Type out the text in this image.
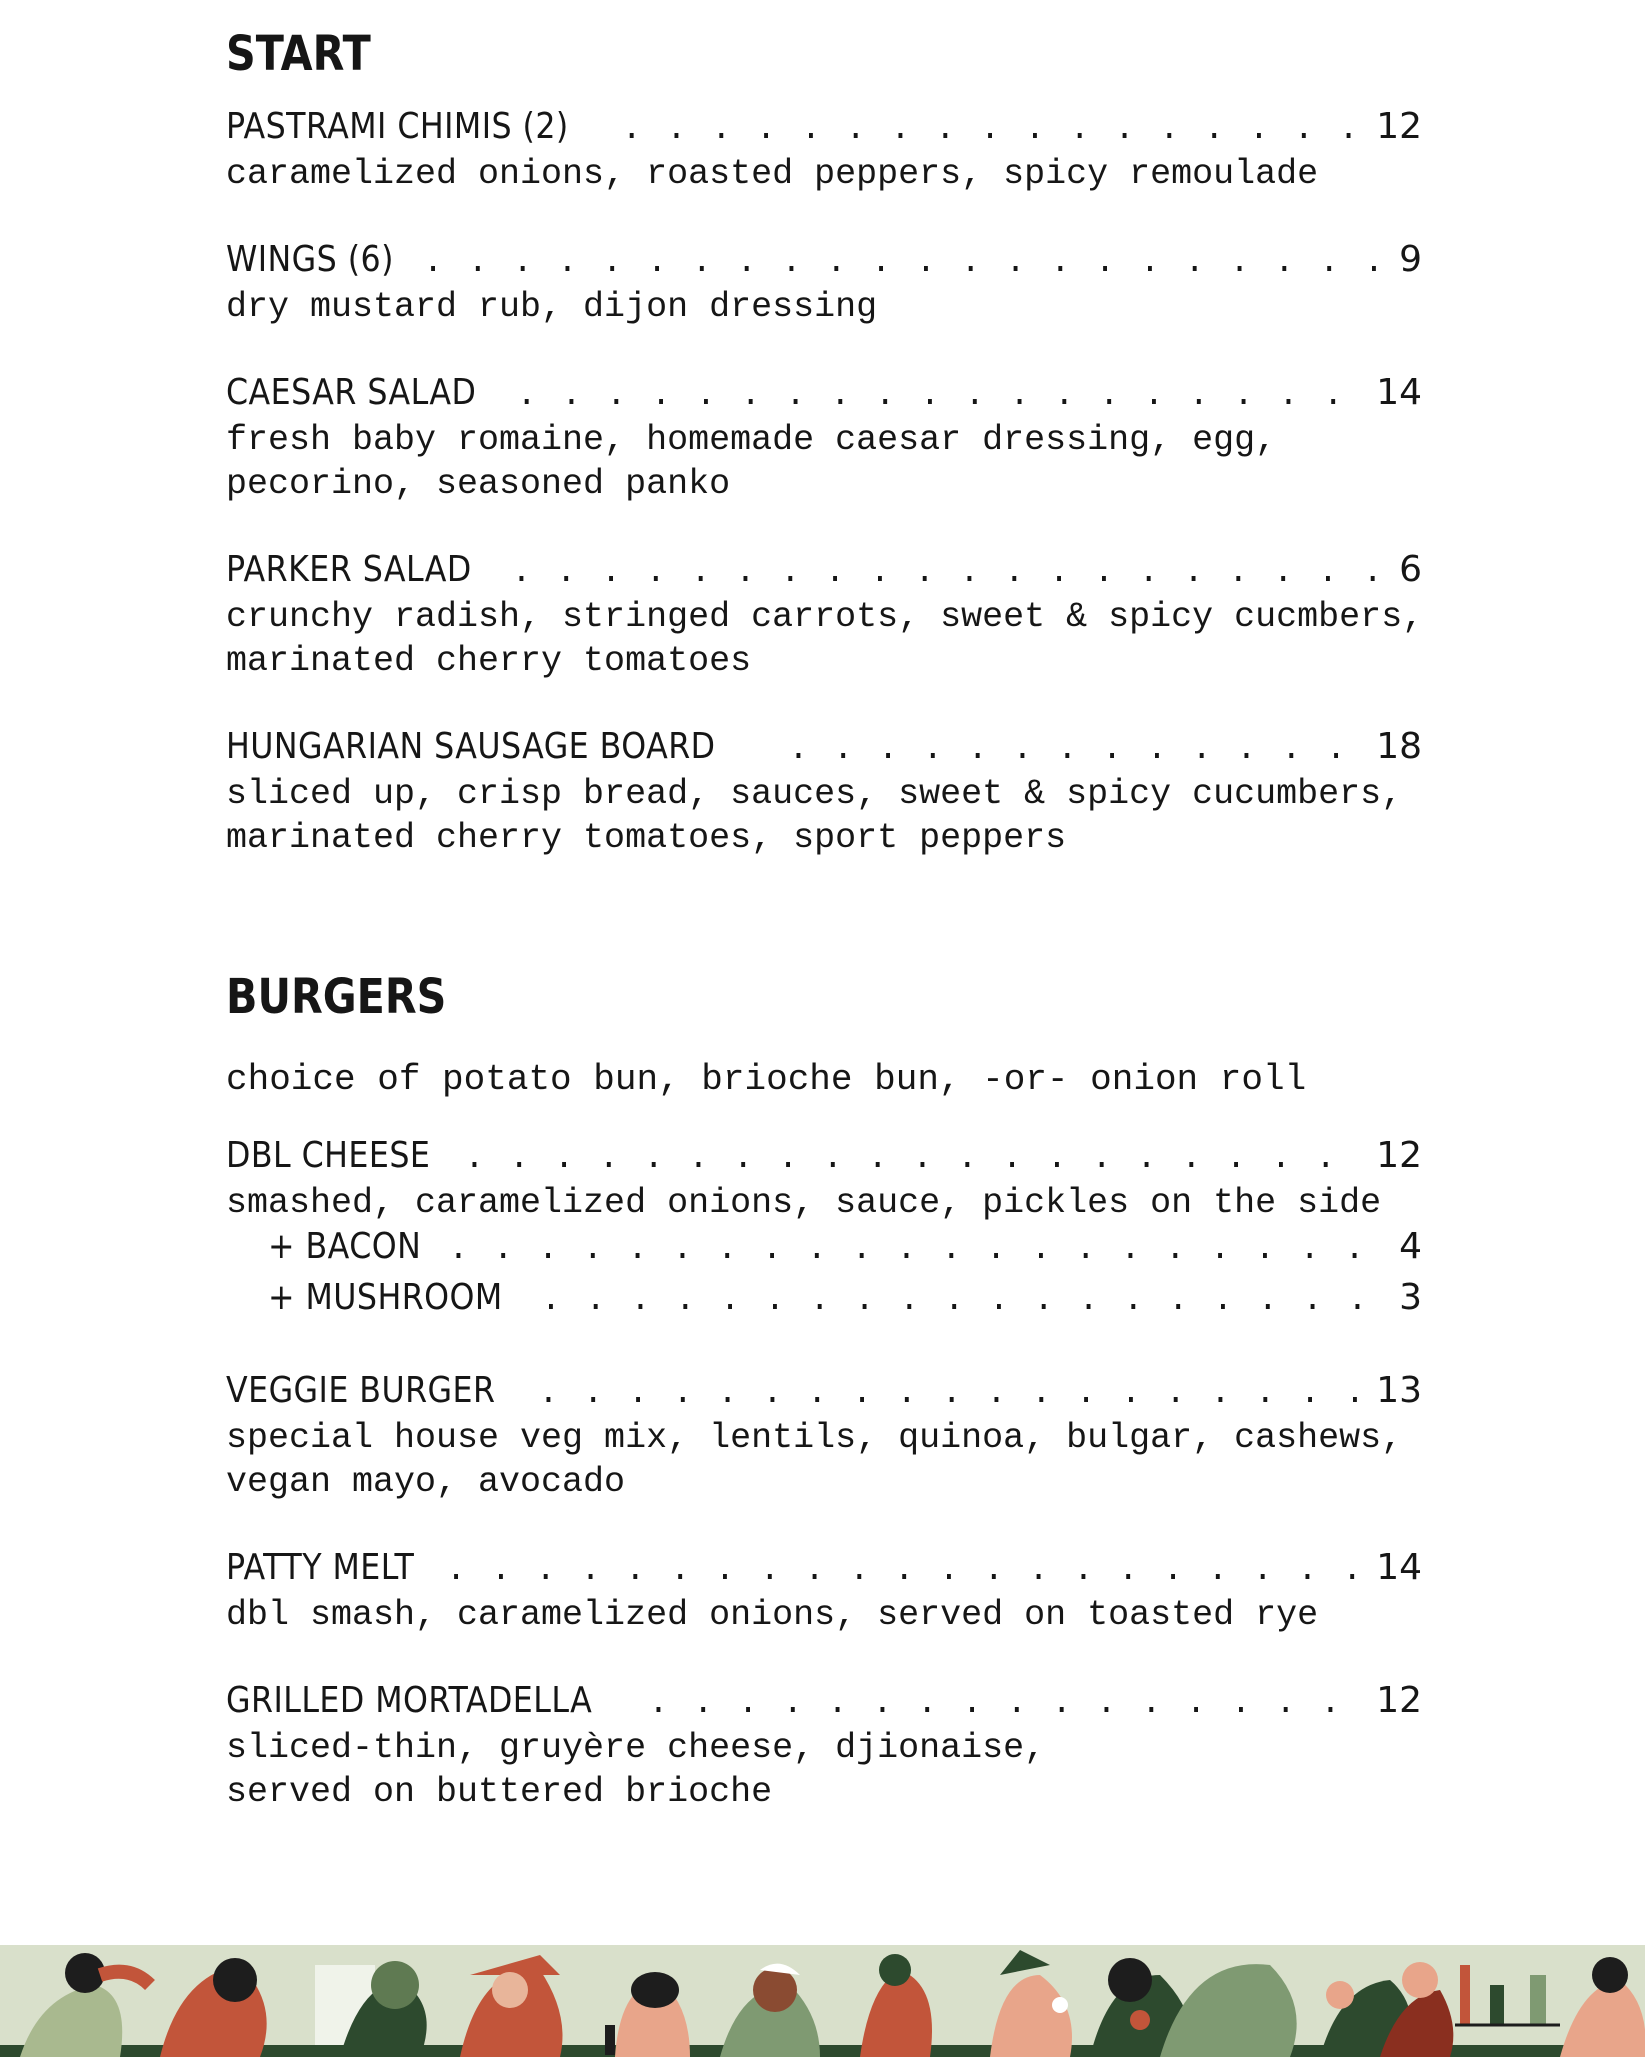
START
PASTRAMI CHIMIS (2) . . .	12

caramelized onions, roasted peppers, spicy remoulade

WINGS (6) . . .	9

dry mustard rub, dijon dressing

CAESAR SALAD . . .	14

fresh baby romaine, homemade caesar dressing, egg,

pecorino, seasoned panko

PARKER SALAD . . .	6

crunchy radish, stringed carrots, sweet & spicy cucmbers,

marinated cherry tomatoes

HUNGARIAN SAUSAGE BOARD . . .	18

sliced up, crisp bread, sauces, sweet & spicy cucumbers,

marinated cherry tomatoes, sport peppers

BURGERS

choice of potato bun, brioche bun, -or- onion roll

DBL CHEESE . . .	12

smashed, caramelized onions, sauce, pickles on the side

+ BACON . . .	4
+ MUSHROOM . . .	3
VEGGIE BURGER . . .	13

special house veg mix, lentils, quinoa, bulgar, cashews,

vegan mayo, avocado

PATTY MELT . . .	14

dbl smash, caramelized onions, served on toasted rye

GRILLED MORTADELLA . . .	12

sliced-thin, gruyère cheese, djionaise,

served on buttered brioche
